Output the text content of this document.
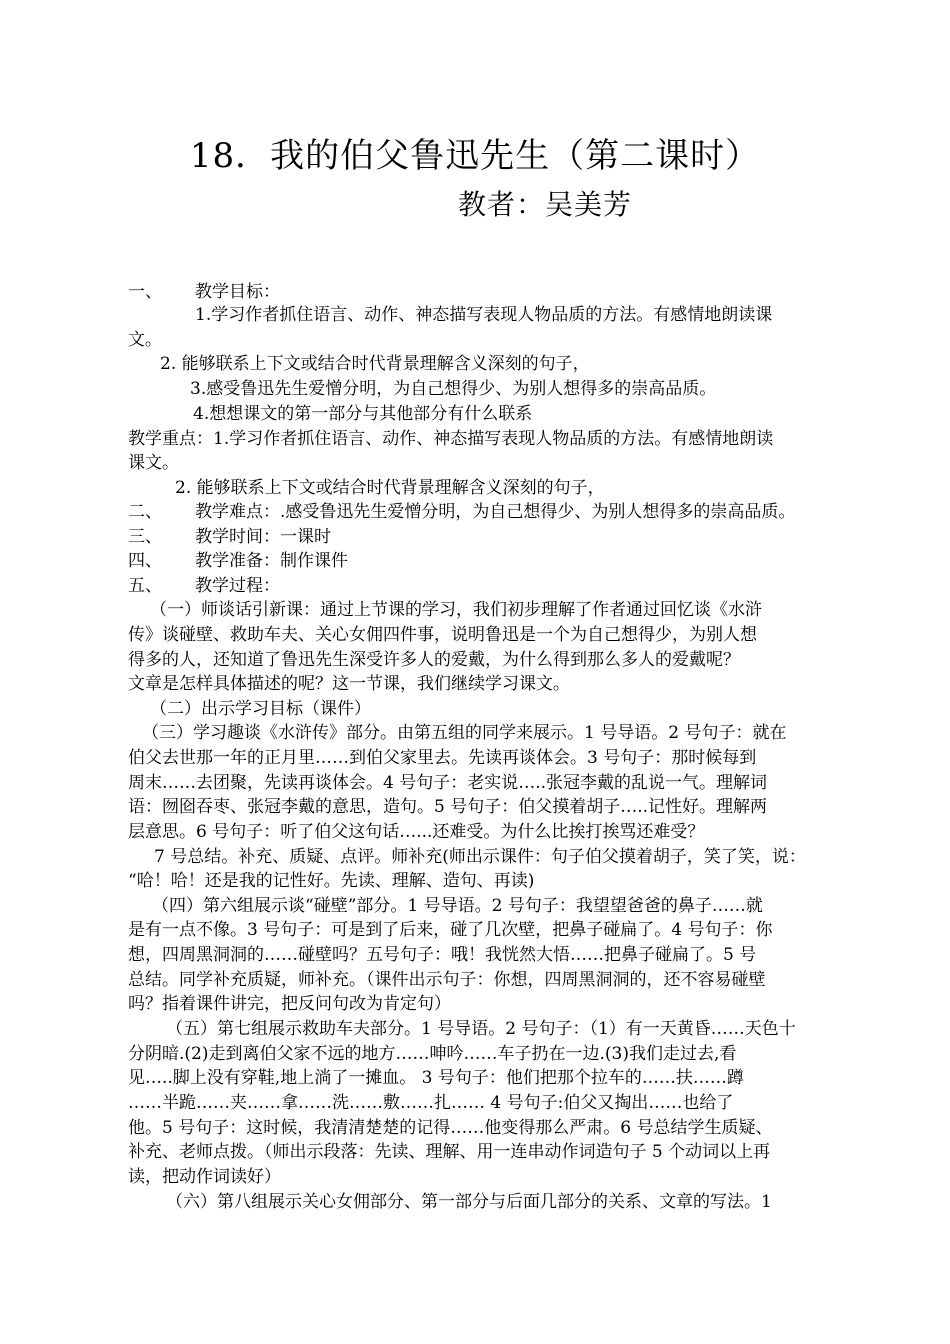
18．我的伯父鲁迅先生（第二课时）
教者：吴美芳
一、 教学目标：
1.学习作者抓住语言、动作、神态描写表现人物品质的方法。有感情地朗读课
文。
2. 能够联系上下文或结合时代背景理解含义深刻的句子，
3.感受鲁迅先生爱憎分明，为自己想得少、为别人想得多的崇高品质。
4.想想课文的第一部分与其他部分有什么联系
教学重点：1.学习作者抓住语言、动作、神态描写表现人物品质的方法。有感情地朗读
课文。
2. 能够联系上下文或结合时代背景理解含义深刻的句子，
二、 教学难点：.感受鲁迅先生爱憎分明，为自己想得少、为别人想得多的崇高品质。
三、 教学时间：一课时
四、 教学准备：制作课件
五、 教学过程：
（一）师谈话引新课：通过上节课的学习，我们初步理解了作者通过回忆谈《水浒
传》谈碰壁、救助车夫、关心女佣四件事，说明鲁迅是一个为自己想得少，为别人想
得多的人，还知道了鲁迅先生深受许多人的爱戴，为什么得到那么多人的爱戴呢？
文章是怎样具体描述的呢？这一节课，我们继续学习课文。
（二）出示学习目标（课件）
（三）学习趣谈《水浒传》部分。由第五组的同学来展示。1 号导语。2 号句子：就在
伯父去世那一年的正月里……到伯父家里去。先读再谈体会。3 号句子：那时候每到
周末……去团聚，先读再谈体会。4 号句子：老实说…..张冠李戴的乱说一气。理解词
语：囫囵吞枣、张冠李戴的意思，造句。5 号句子：伯父摸着胡子…..记性好。理解两
层意思。6 号句子：听了伯父这句话…...还难受。为什么比挨打挨骂还难受？
7 号总结。补充、质疑、点评。师补充(师出示课件：句子伯父摸着胡子，笑了笑，说：
“哈！哈！还是我的记性好。先读、理解、造句、再读)
（四）第六组展示谈“碰壁”部分。1 号导语。2 号句子：我望望爸爸的鼻子……就
是有一点不像。3 号句子：可是到了后来，碰了几次壁，把鼻子碰扁了。4 号句子：你
想，四周黑洞洞的……碰壁吗？五号句子：哦！我恍然大悟……把鼻子碰扁了。5 号
总结。同学补充质疑，师补充。（课件出示句子：你想，四周黑洞洞的，还不容易碰壁
吗？指着课件讲完，把反问句改为肯定句）
（五）第七组展示救助车夫部分。1 号导语。2 号句子：（1）有一天黄昏……天色十
分阴暗.(2)走到离伯父家不远的地方……呻吟……车子扔在一边.(3)我们走过去,看
见…..脚上没有穿鞋,地上淌了一摊血。 3 号句子：他们把那个拉车的……扶……蹲
……半跪……夹……拿……洗……敷……扎…… 4 号句子:伯父又掏出……也给了
他。5 号句子：这时候，我清清楚楚的记得……他变得那么严肃。6 号总结学生质疑、
补充、老师点拨。（师出示段落：先读、理解、用一连串动作词造句子 5 个动词以上再
读，把动作词读好）
（六）第八组展示关心女佣部分、第一部分与后面几部分的关系、文章的写法。1
